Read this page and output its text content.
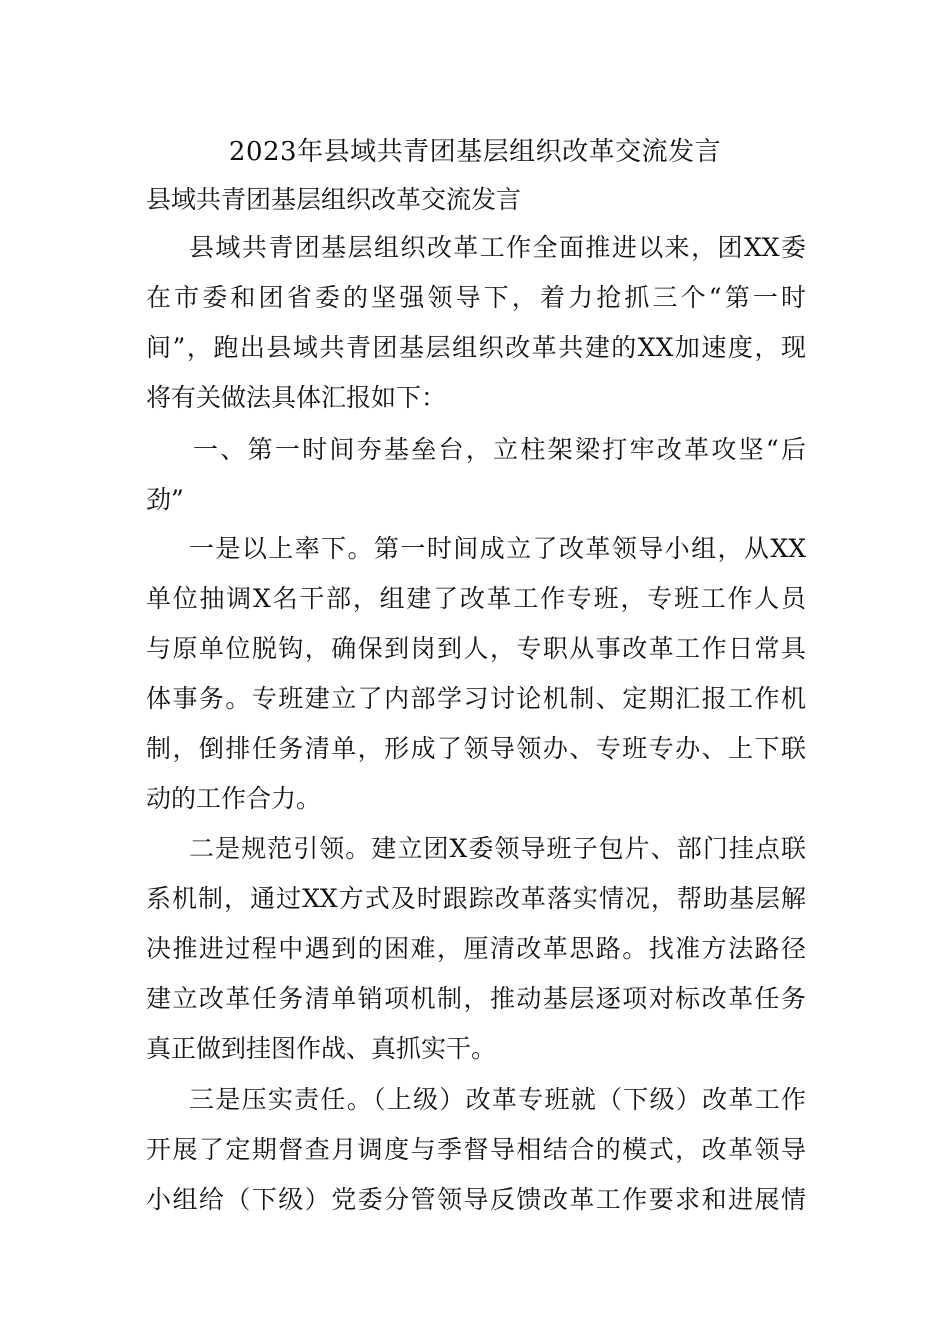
2023年县域共青团基层组织改革交流发言
县域共青团基层组织改革交流发言
县域共青团基层组织改革工作全面推进以来，团XX委
在市委和团省委的坚强领导下，着力抢抓三个“第一时
间”，跑出县域共青团基层组织改革共建的XX加速度，现
将有关做法具体汇报如下：
一、第一时间夯基垒台，立柱架梁打牢改革攻坚“后
劲”
一是以上率下。第一时间成立了改革领导小组，从XX
单位抽调X名干部，组建了改革工作专班，专班工作人员
与原单位脱钩，确保到岗到人，专职从事改革工作日常具
体事务。专班建立了内部学习讨论机制、定期汇报工作机
制，倒排任务清单，形成了领导领办、专班专办、上下联
动的工作合力。
二是规范引领。建立团X委领导班子包片、部门挂点联
系机制，通过XX方式及时跟踪改革落实情况，帮助基层解
决推进过程中遇到的困难，厘清改革思路。找准方法路径
建立改革任务清单销项机制，推动基层逐项对标改革任务
真正做到挂图作战、真抓实干。
三是压实责任。（上级）改革专班就（下级）改革工作
开展了定期督查月调度与季督导相结合的模式，改革领导
小组给（下级）党委分管领导反馈改革工作要求和进展情
